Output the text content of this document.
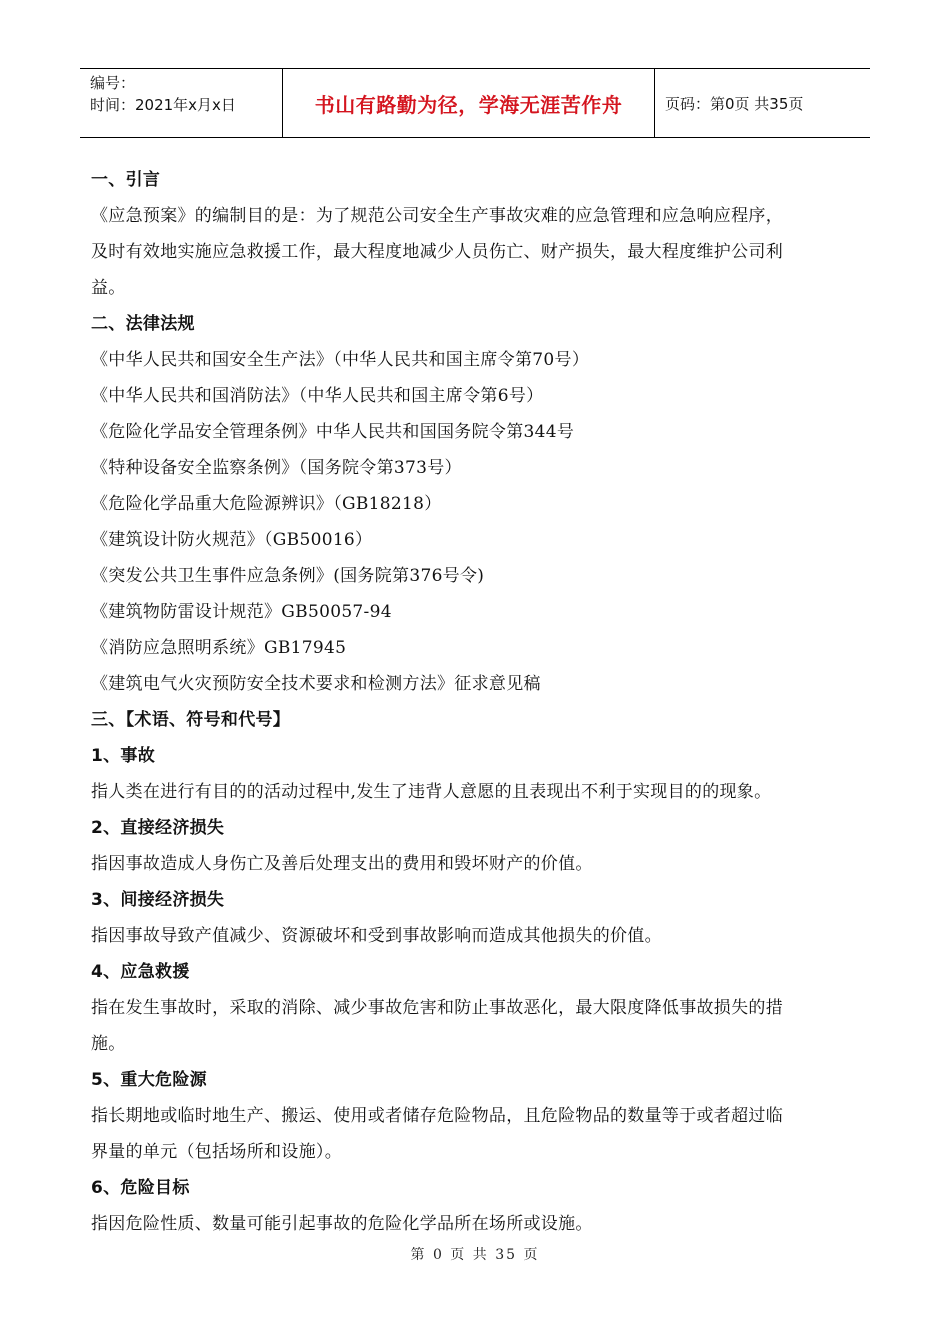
编号：
时间：2021年x月x日	书山有路勤为径，学海无涯苦作舟	页码：第0页 共35页
一、引言
《应急预案》的编制目的是：为了规范公司安全生产事故灾难的应急管理和应急响应程序，
及时有效地实施应急救援工作，最大程度地减少人员伤亡、财产损失，最大程度维护公司利
益。
二、法律法规
《中华人民共和国安全生产法》（中华人民共和国主席令第70号）
《中华人民共和国消防法》（中华人民共和国主席令第6号）
《危险化学品安全管理条例》中华人民共和国国务院令第344号
《特种设备安全监察条例》（国务院令第373号）
《危险化学品重大危险源辨识》（GB18218）
《建筑设计防火规范》（GB50016）
《突发公共卫生事件应急条例》(国务院第376号令)
《建筑物防雷设计规范》GB50057-94
《消防应急照明系统》GB17945
《建筑电气火灾预防安全技术要求和检测方法》征求意见稿
三、【术语、符号和代号】
1、事故
指人类在进行有目的的活动过程中,发生了违背人意愿的且表现出不利于实现目的的现象。
2、直接经济损失
指因事故造成人身伤亡及善后处理支出的费用和毁坏财产的价值。
3、间接经济损失
指因事故导致产值减少、资源破坏和受到事故影响而造成其他损失的价值。
4、应急救援
指在发生事故时，采取的消除、减少事故危害和防止事故恶化，最大限度降低事故损失的措
施。
5、重大危险源
指长期地或临时地生产、搬运、使用或者储存危险物品，且危险物品的数量等于或者超过临
界量的单元（包括场所和设施）。
6、危险目标
指因危险性质、数量可能引起事故的危险化学品所在场所或设施。
第 0 页 共 35 页
